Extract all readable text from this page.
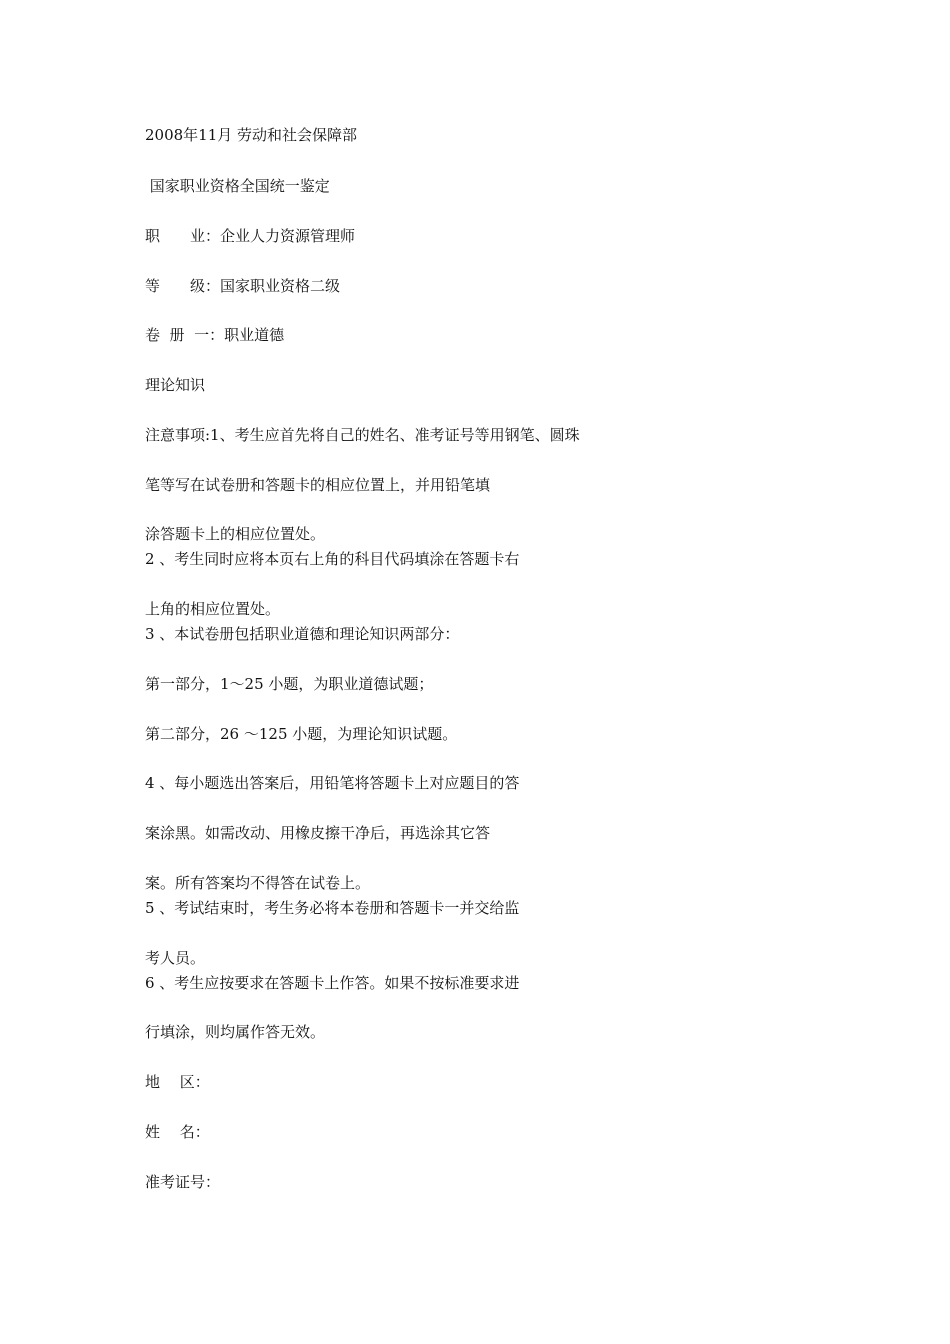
2008年11月 劳动和社会保障部

国家职业资格全国统一鉴定

职　　业：企业人力资源管理师

等　　级：国家职业资格二级

卷  册  一：职业道德

理论知识

注意事项:1、考生应首先将自己的姓名、准考证号等用钢笔、圆珠

笔等写在试卷册和答题卡的相应位置上，并用铅笔填

涂答题卡上的相应位置处。

2 、考生同时应将本页右上角的科目代码填涂在答题卡右

上角的相应位置处。

3 、本试卷册包括职业道德和理论知识两部分：

第一部分，1～25 小题，为职业道德试题；

第二部分，26 ～125 小题，为理论知识试题。

4 、每小题选出答案后，用铅笔将答题卡上对应题目的答

案涂黑。如需改动、用橡皮擦干净后，再选涂其它答

案。所有答案均不得答在试卷上。

5 、考试结束时，考生务必将本卷册和答题卡一并交给监

考人员。

6 、考生应按要求在答题卡上作答。如果不按标准要求进

行填涂，则均属作答无效。

地　 区：

姓　 名：

准考证号：
